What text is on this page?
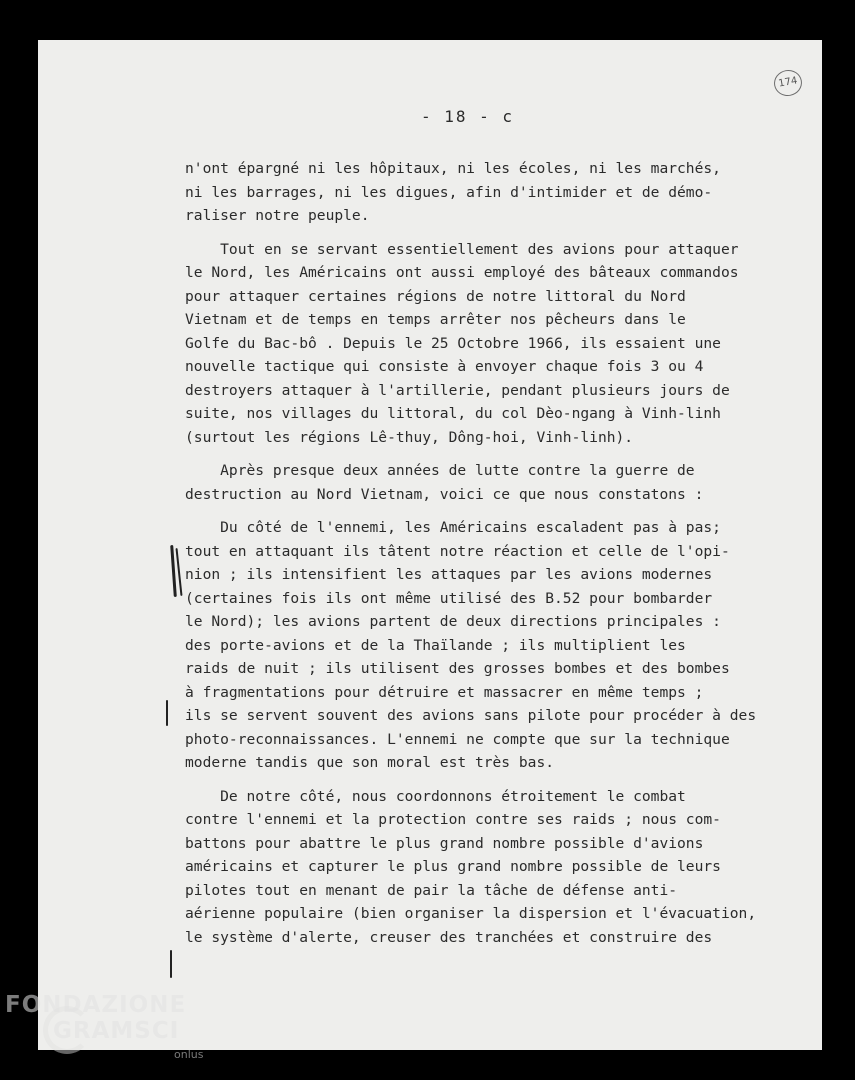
174
- 18 - c
n'ont épargné ni les hôpitaux, ni les écoles, ni les marchés,
ni les barrages, ni les digues, afin d'intimider et de démo-
raliser notre peuple.
Tout en se servant essentiellement des avions pour attaquer
le Nord, les Américains ont aussi employé des bâteaux commandos
pour attaquer certaines régions de notre littoral du Nord
Vietnam et de temps en temps arrêter nos pêcheurs dans le
Golfe du Bac-bô . Depuis le 25 Octobre 1966, ils essaient une
nouvelle tactique qui consiste à envoyer chaque fois 3 ou 4
destroyers attaquer à l'artillerie, pendant plusieurs jours de
suite, nos villages du littoral, du col Dèo-ngang à Vinh-linh
(surtout les régions Lê-thuy, Dông-hoi, Vinh-linh).
Après presque deux années de lutte contre la guerre de
destruction au Nord Vietnam, voici ce que nous constatons :
Du côté de l'ennemi, les Américains escaladent pas à pas;
tout en attaquant ils tâtent notre réaction et celle de l'opi-
nion ; ils intensifient les attaques par les avions modernes
(certaines fois ils ont même utilisé des B.52 pour bombarder
le Nord); les avions partent de deux directions principales :
des porte-avions et de la Thaïlande ; ils multiplient les
raids de nuit ; ils utilisent des grosses bombes et des bombes
à fragmentations pour détruire et massacrer en même temps ;
ils se servent souvent des avions sans pilote pour procéder à des
photo-reconnaissances. L'ennemi ne compte que sur la technique
moderne tandis que son moral est très bas.
De notre côté, nous coordonnons étroitement le combat
contre l'ennemi et la protection contre ses raids ; nous com-
battons pour abattre le plus grand nombre possible d'avions
américains et capturer le plus grand nombre possible de leurs
pilotes tout en menant de pair la tâche de défense anti-
aérienne populaire (bien organiser la dispersion et l'évacuation,
le système d'alerte, creuser des tranchées et construire des
FONDAZIONE
GRAMSCI
onlus
